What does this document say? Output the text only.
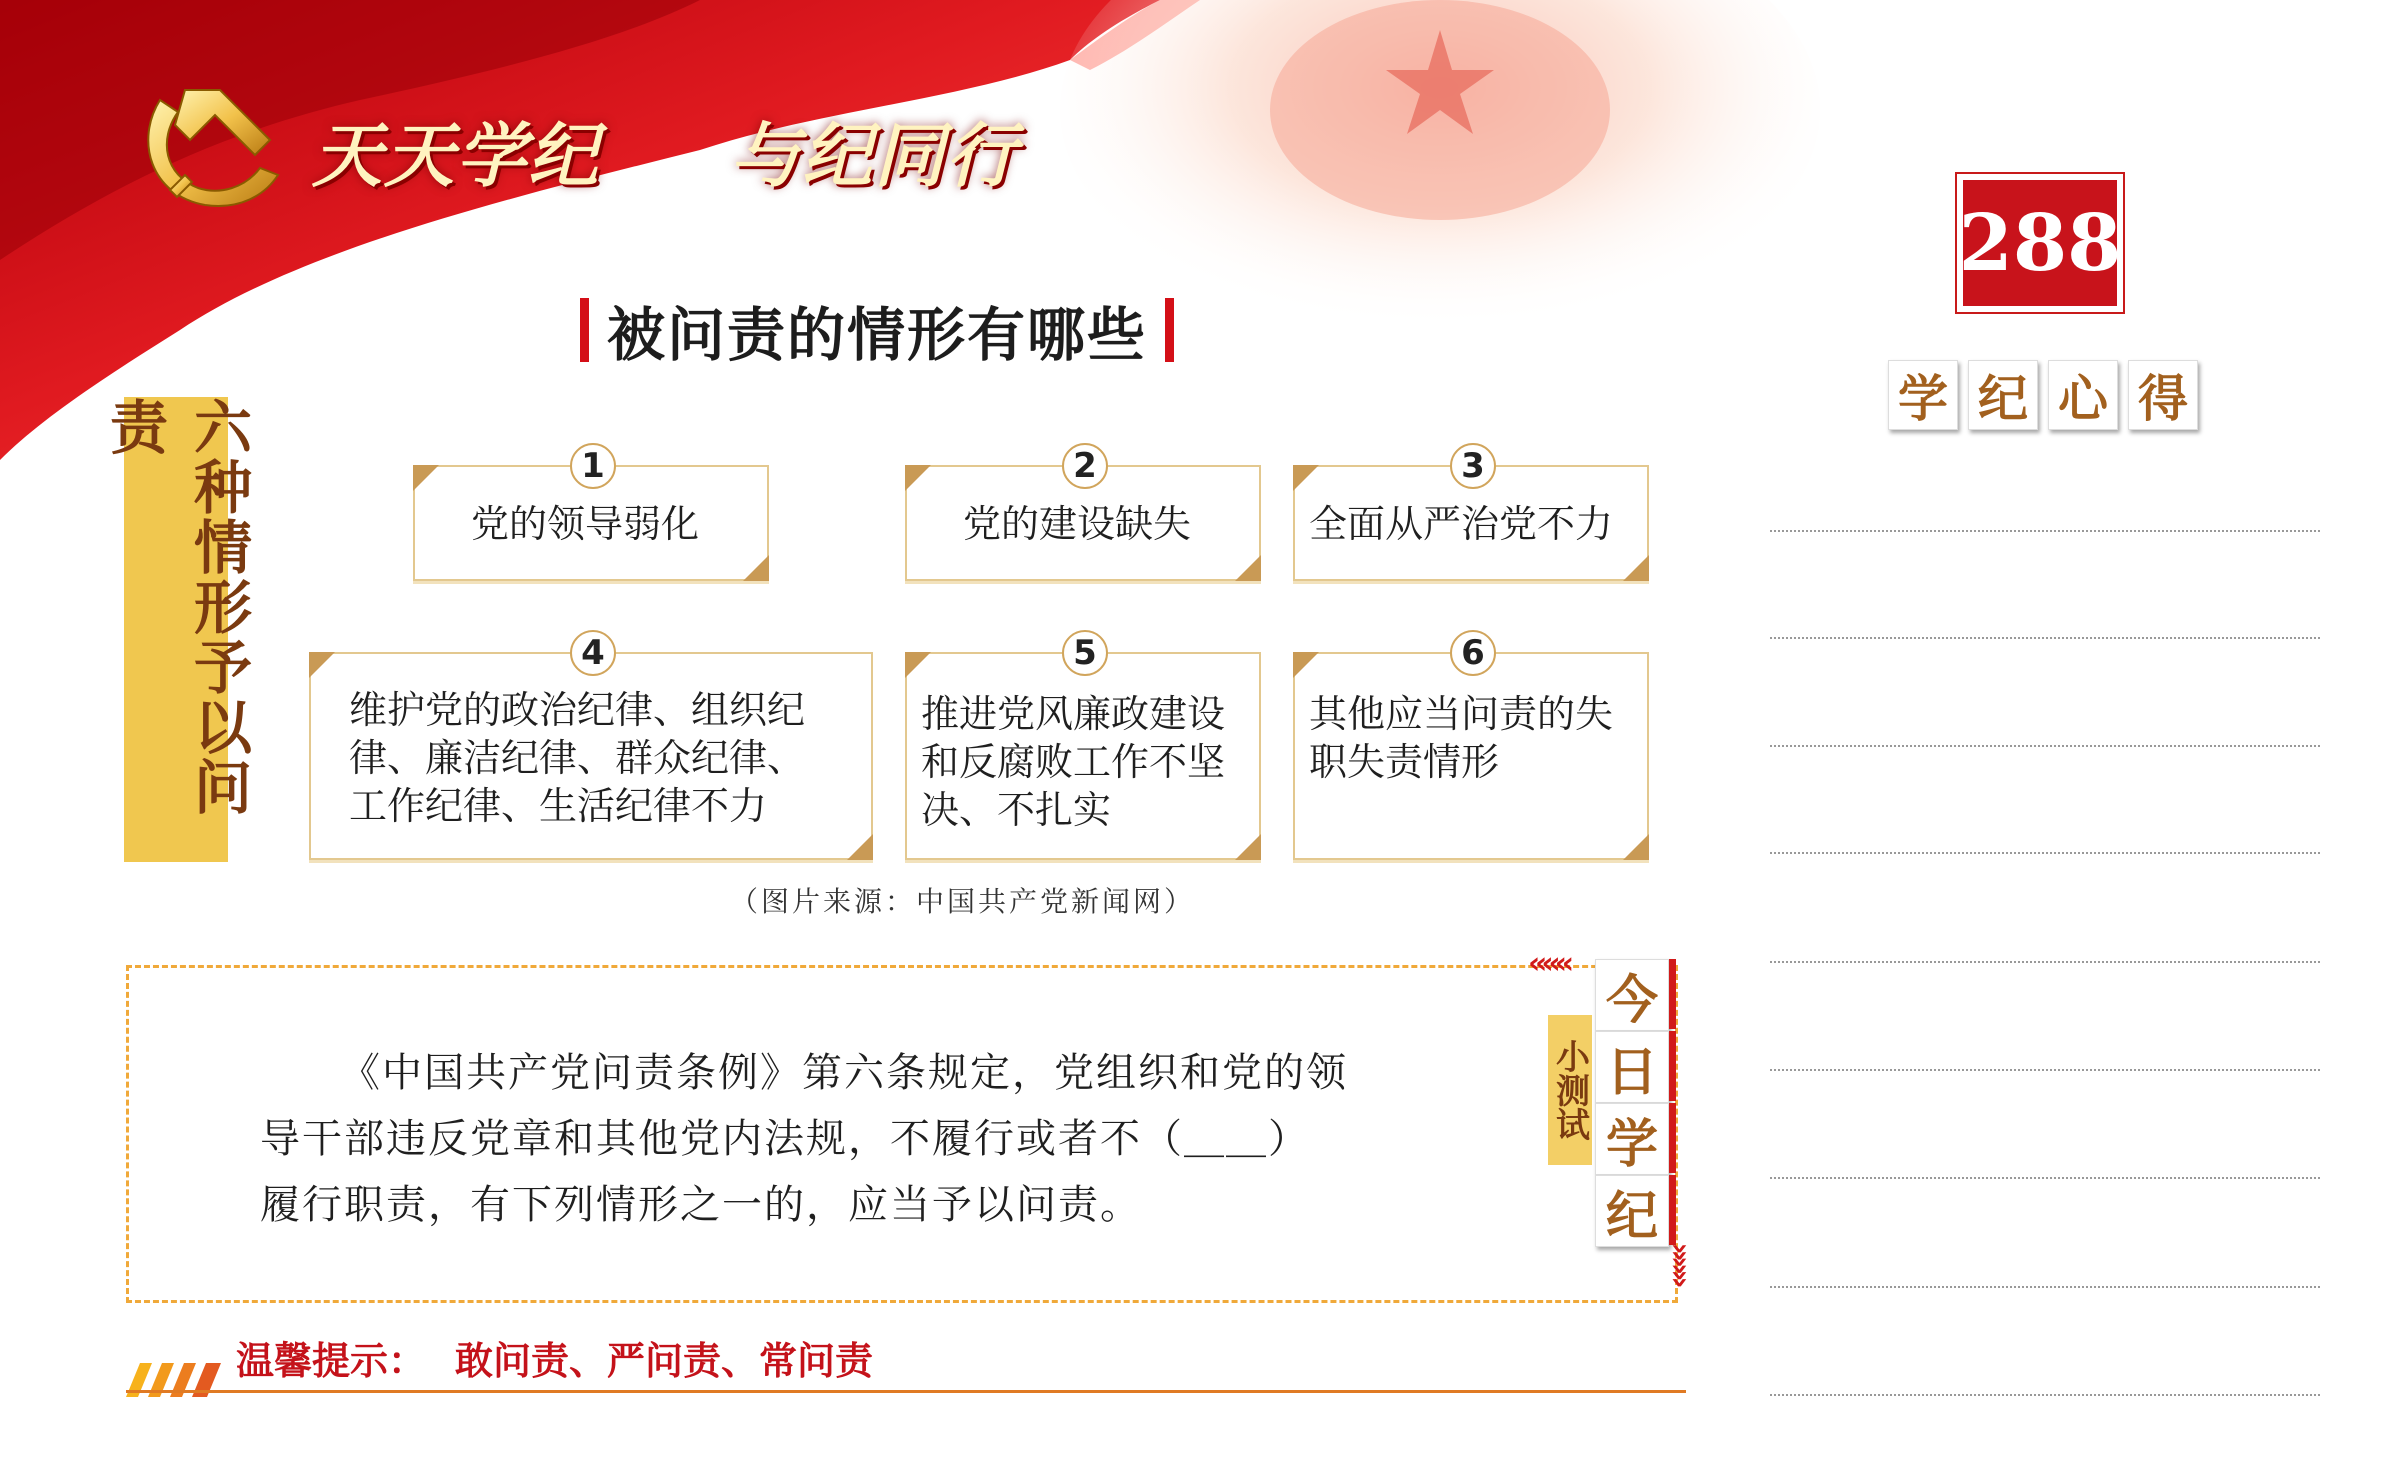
天天学纪 与纪同行
被问责的情形有哪些
288
学 纪 心 得
六种情形予以问责
1
党的领导弱化
2
党的建设缺失
3
全面从严治党不力
4
维护党的政治纪律、组织纪
律、廉洁纪律、群众纪律、
工作纪律、生活纪律不力
5
推进党风廉政建设
和反腐败工作不坚
决、不扎实
6
其他应当问责的失
职失责情形
（图片来源：中国共产党新闻网）
«««
《中国共产党问责条例》第六条规定，党组织和党的领
导干部违反党章和其他党内法规，不履行或者不（＿＿）
履行职责，有下列情形之一的，应当予以问责。
小测试
今
日
学
纪
»»»
温馨提示： 敢问责、严问责、常问责
